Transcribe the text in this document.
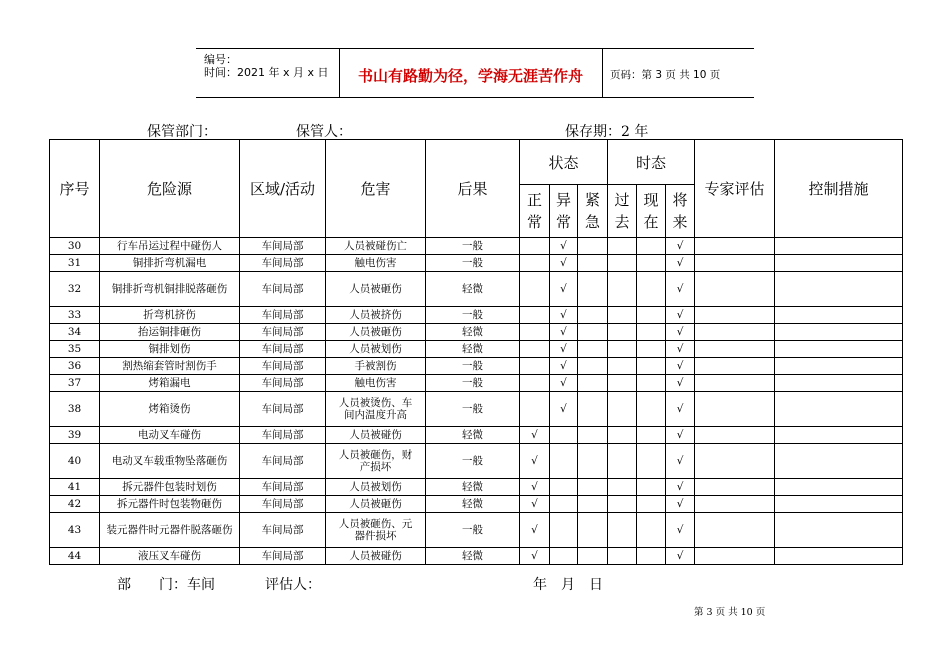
编号：
时间：2021 年 x 月 x 日	书山有路勤为径，学海无涯苦作舟	页码：第 3 页 共 10 页
保管部门：	保管人：	保存期：2 年
序号	危险源	区域/活动	危害	后果	状态			时态			专家评估	控制措施

					正常	异常	紧急	过去	现在	将来		

30	行车吊运过程中碰伤人	车间局部	人员被碰伤亡	一般		√				√		
31	铜排折弯机漏电	车间局部	触电伤害	一般		√				√		
32	铜排折弯机铜排脱落砸伤	车间局部	人员被砸伤	轻微		√				√		
33	折弯机挤伤	车间局部	人员被挤伤	一般		√				√		
34	抬运铜排砸伤	车间局部	人员被砸伤	轻微		√				√		
35	铜排划伤	车间局部	人员被划伤	轻微		√				√		
36	割热缩套管时割伤手	车间局部	手被割伤	一般		√				√		
37	烤箱漏电	车间局部	触电伤害	一般		√				√		
38	烤箱烫伤	车间局部	人员被烫伤、车间内温度升高	一般		√				√		
39	电动叉车碰伤	车间局部	人员被碰伤	轻微	√					√		
40	电动叉车载重物坠落砸伤	车间局部	人员被砸伤，财产损坏	一般	√					√		
41	拆元器件包装时划伤	车间局部	人员被划伤	轻微	√					√		
42	拆元器件时包装物砸伤	车间局部	人员被砸伤	轻微	√					√		
43	装元器件时元器件脱落砸伤	车间局部	人员被砸伤、元器件损坏	一般	√					√		
44	液压叉车碰伤	车间局部	人员被碰伤	轻微	√					√		
部　　门：车间	评估人：	年　月　日
第 3 页 共 10 页
